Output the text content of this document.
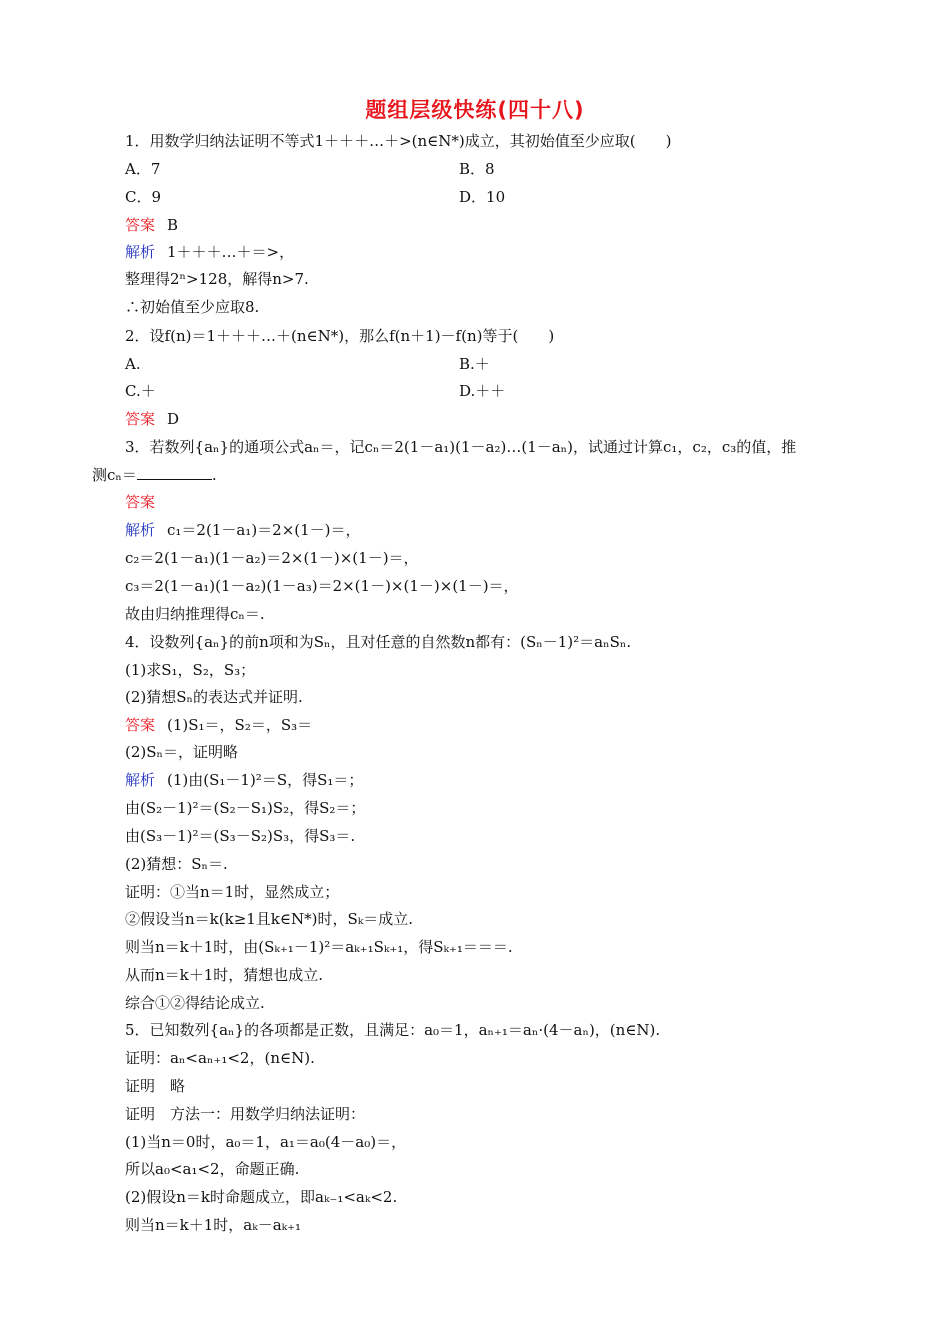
题组层级快练(四十八)
1．用数学归纳法证明不等式1＋＋＋…＋>(n∈N*)成立，其初始值至少应取(　　)
A．7	B．8
C．9	D．10
答案 B
解析 1＋＋＋…＋＝>，
整理得2ⁿ>128，解得n>7.
∴初始值至少应取8.
2．设f(n)＝1＋＋＋…＋(n∈N*)，那么f(n＋1)－f(n)等于(　　)
A.	B.＋
C.＋	D.＋＋
答案 D
3．若数列{aₙ}的通项公式aₙ＝，记cₙ＝2(1－a₁)(1－a₂)…(1－aₙ)，试通过计算c₁，c₂，c₃的值，推
测cₙ＝	.
答案
解析 c₁＝2(1－a₁)＝2×(1－)＝，
c₂＝2(1－a₁)(1－a₂)＝2×(1－)×(1－)＝，
c₃＝2(1－a₁)(1－a₂)(1－a₃)＝2×(1－)×(1－)×(1－)＝，
故由归纳推理得cₙ＝.
4．设数列{aₙ}的前n项和为Sₙ，且对任意的自然数n都有：(Sₙ－1)²＝aₙSₙ.
(1)求S₁，S₂，S₃；
(2)猜想Sₙ的表达式并证明.
答案 (1)S₁＝，S₂＝，S₃＝
(2)Sₙ＝，证明略
解析 (1)由(S₁－1)²＝S，得S₁＝；
由(S₂－1)²＝(S₂－S₁)S₂，得S₂＝；
由(S₃－1)²＝(S₃－S₂)S₃，得S₃＝.
(2)猜想：Sₙ＝.
证明：①当n＝1时，显然成立；
②假设当n＝k(k≥1且k∈N*)时，Sₖ＝成立.
则当n＝k＋1时，由(Sₖ₊₁－1)²＝aₖ₊₁Sₖ₊₁，得Sₖ₊₁＝＝＝.
从而n＝k＋1时，猜想也成立.
综合①②得结论成立.
5．已知数列{aₙ}的各项都是正数，且满足：a₀＝1，aₙ₊₁＝aₙ·(4－aₙ)，(n∈N).
证明：aₙ<aₙ₊₁<2，(n∈N).
证明　略
证明　方法一：用数学归纳法证明：
(1)当n＝0时，a₀＝1，a₁＝a₀(4－a₀)＝，
所以a₀<a₁<2，命题正确.
(2)假设n＝k时命题成立，即aₖ₋₁<aₖ<2.
则当n＝k＋1时，aₖ－aₖ₊₁
